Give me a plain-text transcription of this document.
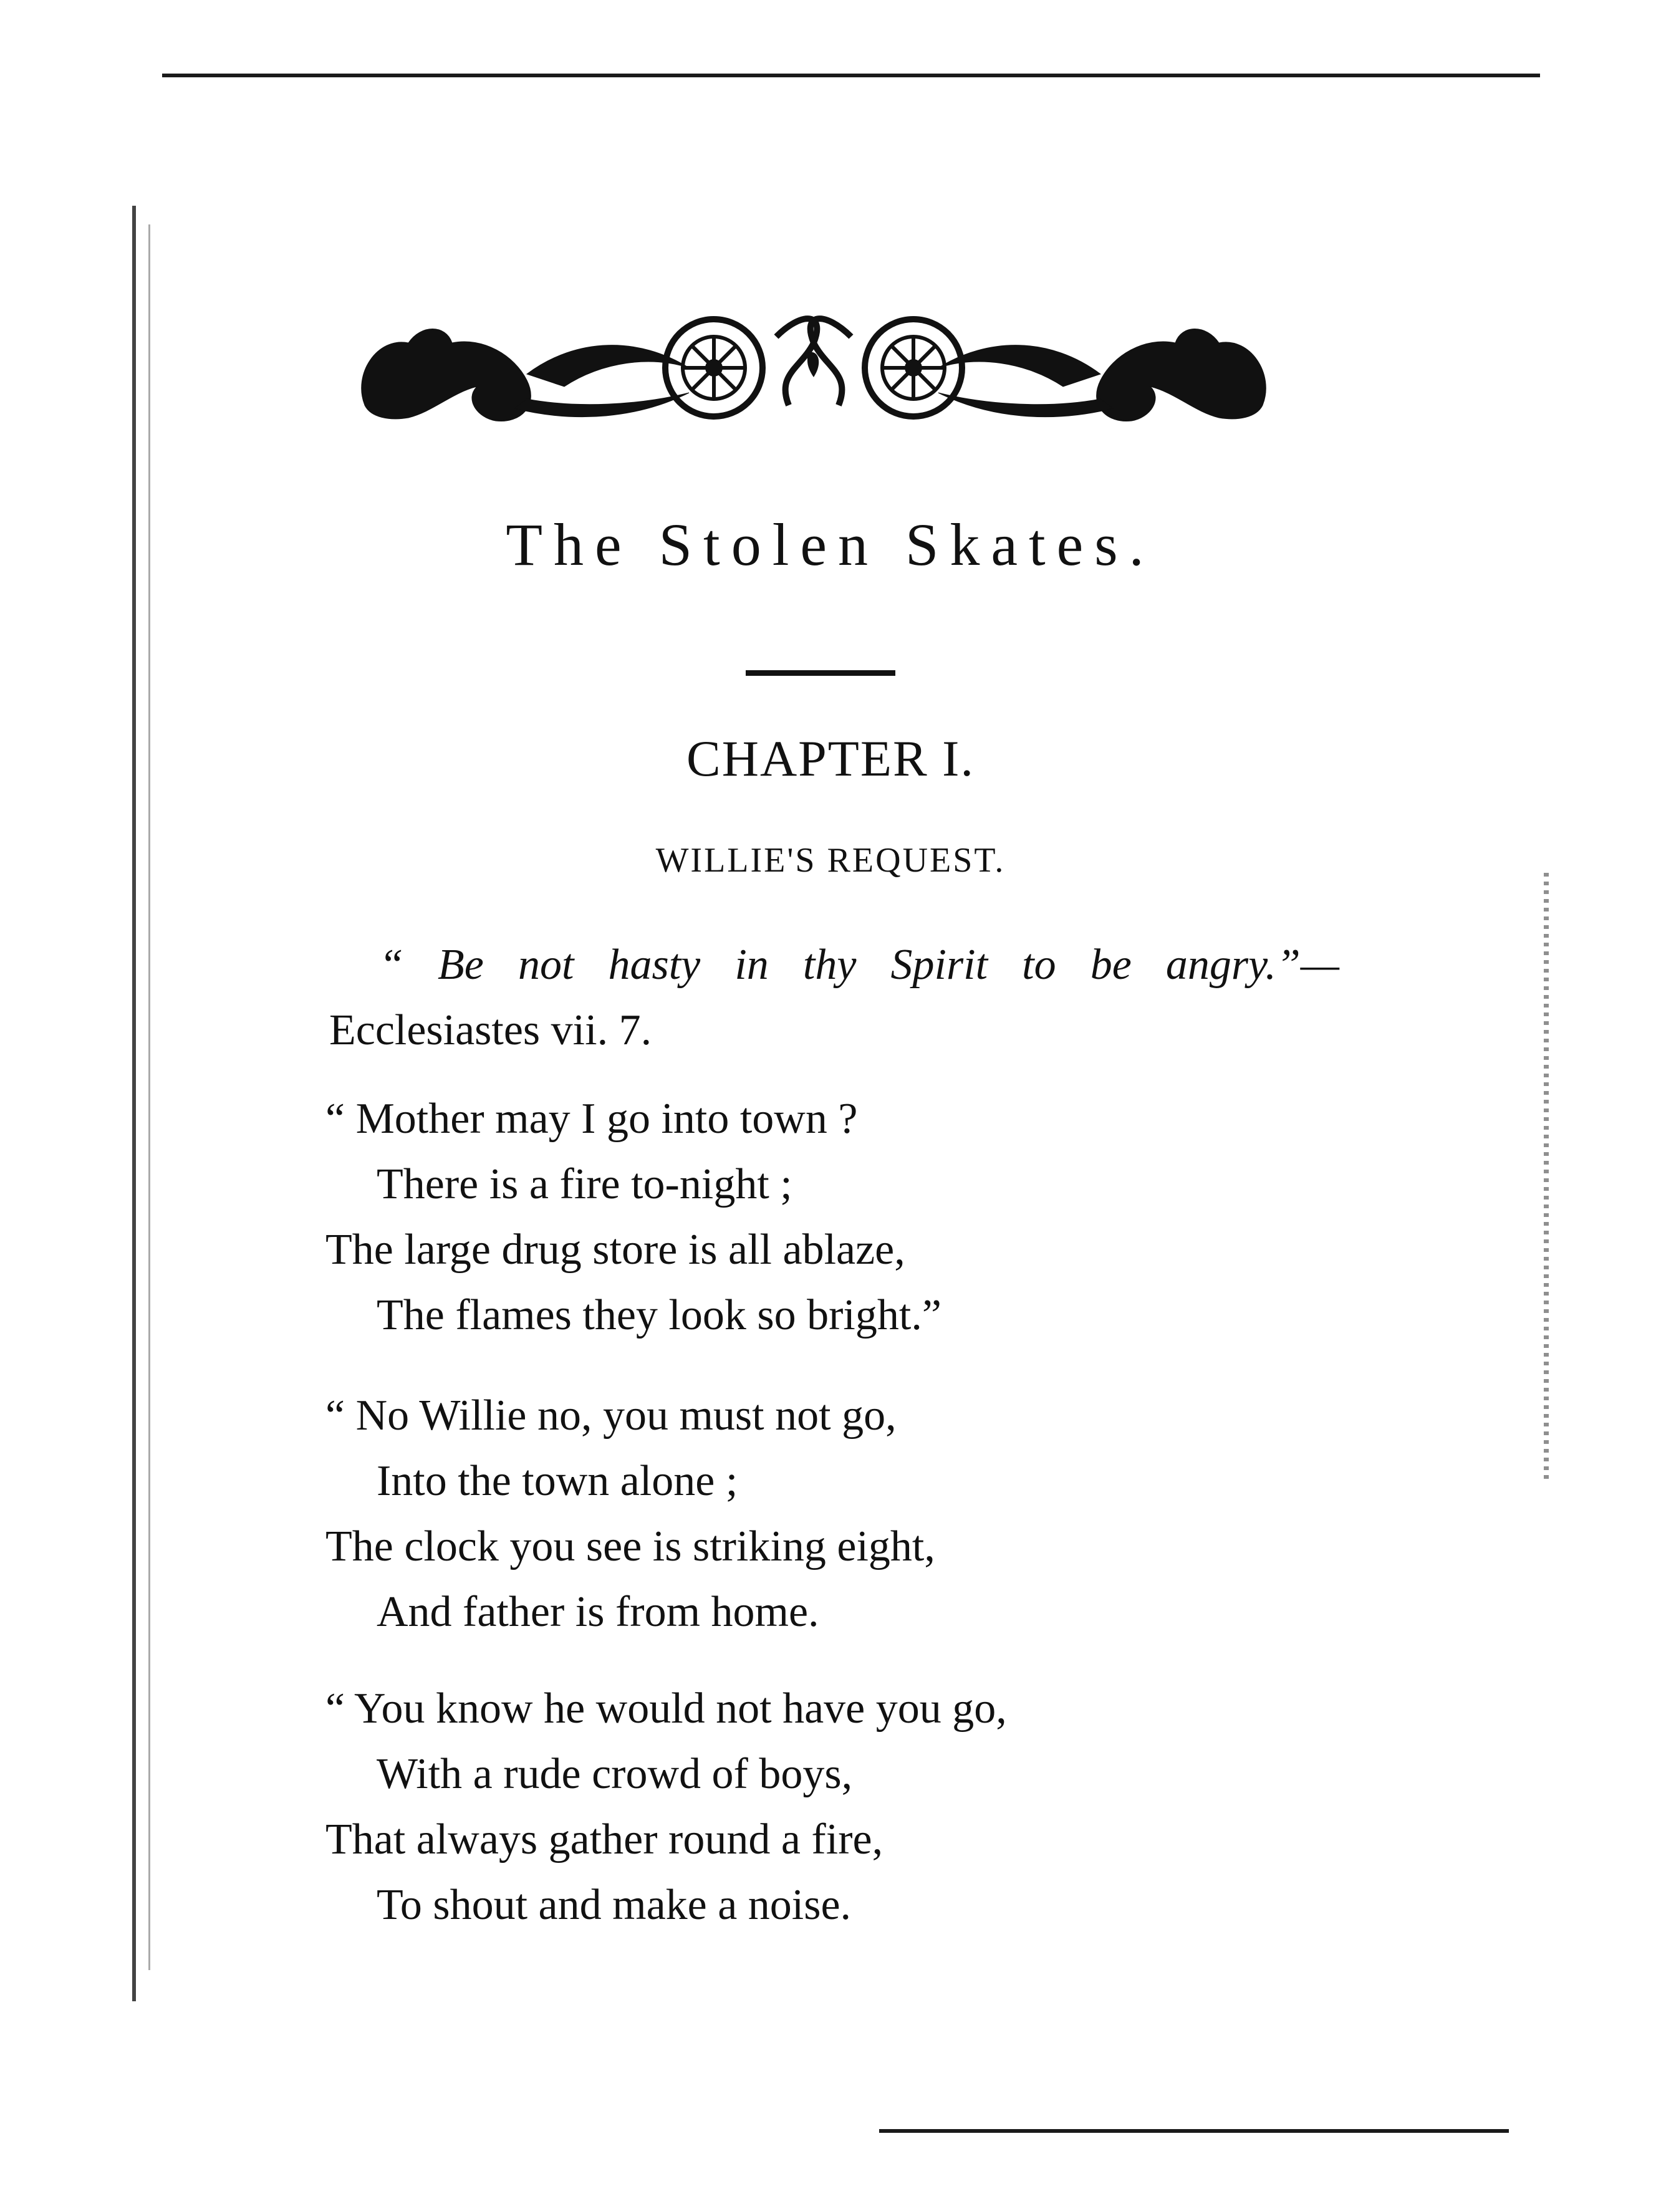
The Stolen Skates.
CHAPTER I.
WILLIE'S REQUEST.
“ Be not hasty in thy Spirit to be angry.”—
Ecclesiastes vii. 7.
“ Mother may I go into town ?
There is a fire to-night ;
The large drug store is all ablaze,
The flames they look so bright.”
“ No Willie no, you must not go,
Into the town alone ;
The clock you see is striking eight,
And father is from home.
“ You know he would not have you go,
With a rude crowd of boys,
That always gather round a fire,
To shout and make a noise.
